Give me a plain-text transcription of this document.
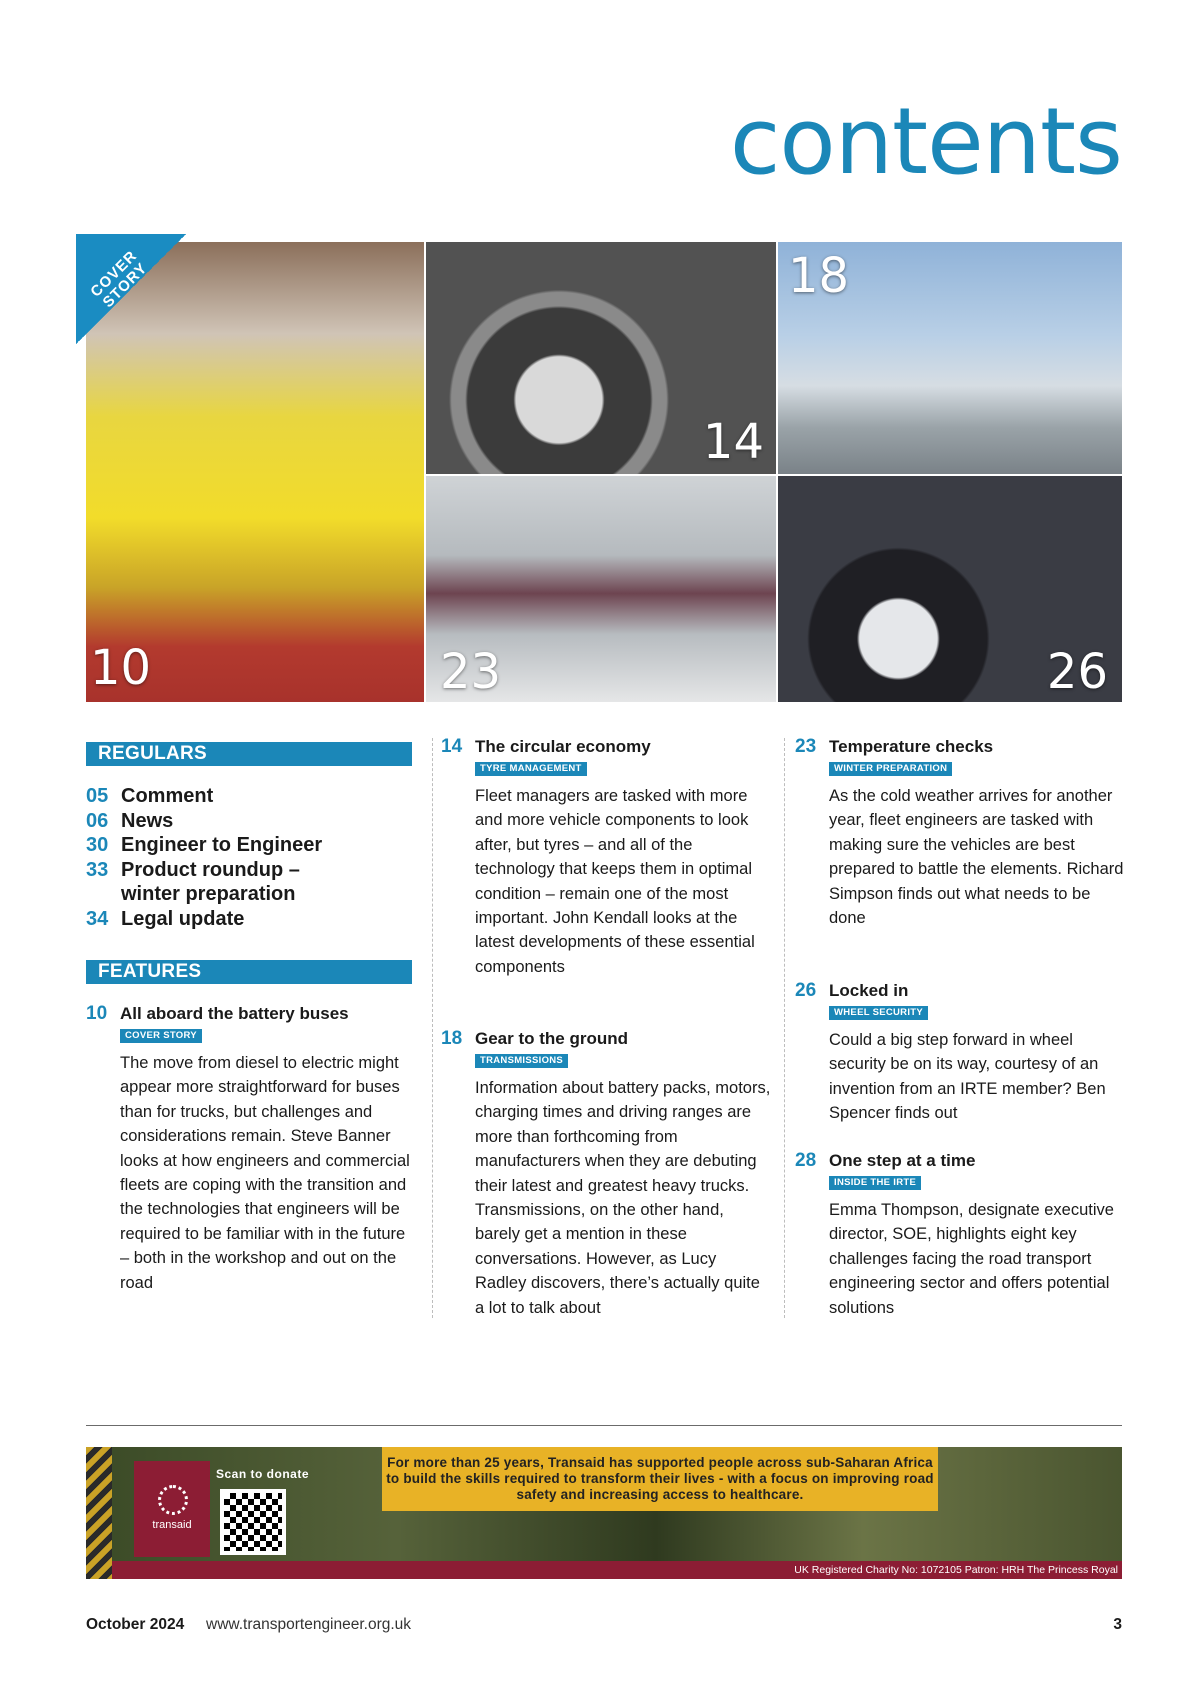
contents
10
COVER STORY
14
18
23	26
REGULARS
05 Comment
06 News
30 Engineer to Engineer
33 Product roundup – winter preparation
34 Legal update
FEATURES
10 All aboard the battery buses
COVER STORY
The move from diesel to electric might appear more straightforward for buses than for trucks, but challenges and considerations remain. Steve Banner looks at how engineers and commercial fleets are coping with the transition and the technologies that engineers will be required to be familiar with in the future – both in the workshop and out on the road
14 The circular economy
TYRE MANAGEMENT
Fleet managers are tasked with more and more vehicle components to look after, but tyres – and all of the technology that keeps them in optimal condition – remain one of the most important. John Kendall looks at the latest developments of these essential components
18 Gear to the ground
TRANSMISSIONS
Information about battery packs, motors, charging times and driving ranges are more than forthcoming from manufacturers when they are debuting their latest and greatest heavy trucks. Transmissions, on the other hand, barely get a mention in these conversations. However, as Lucy Radley discovers, there’s actually quite a lot to talk about
23 Temperature checks
WINTER PREPARATION
As the cold weather arrives for another year, fleet engineers are tasked with making sure the vehicles are best prepared to battle the elements. Richard Simpson finds out what needs to be done
26 Locked in
WHEEL SECURITY
Could a big step forward in wheel security be on its way, courtesy of an invention from an IRTE member? Ben Spencer finds out
28 One step at a time
INSIDE THE IRTE
Emma Thompson, designate executive director, SOE, highlights eight key challenges facing the road transport engineering sector and offers potential solutions
transaid
Scan to donate
For more than 25 years, Transaid has supported people across sub-Saharan Africa to build the skills required to transform their lives - with a focus on improving road safety and increasing access to healthcare.
UK Registered Charity No: 1072105 Patron: HRH The Princess Royal
October 2024 www.transportengineer.org.uk	3
